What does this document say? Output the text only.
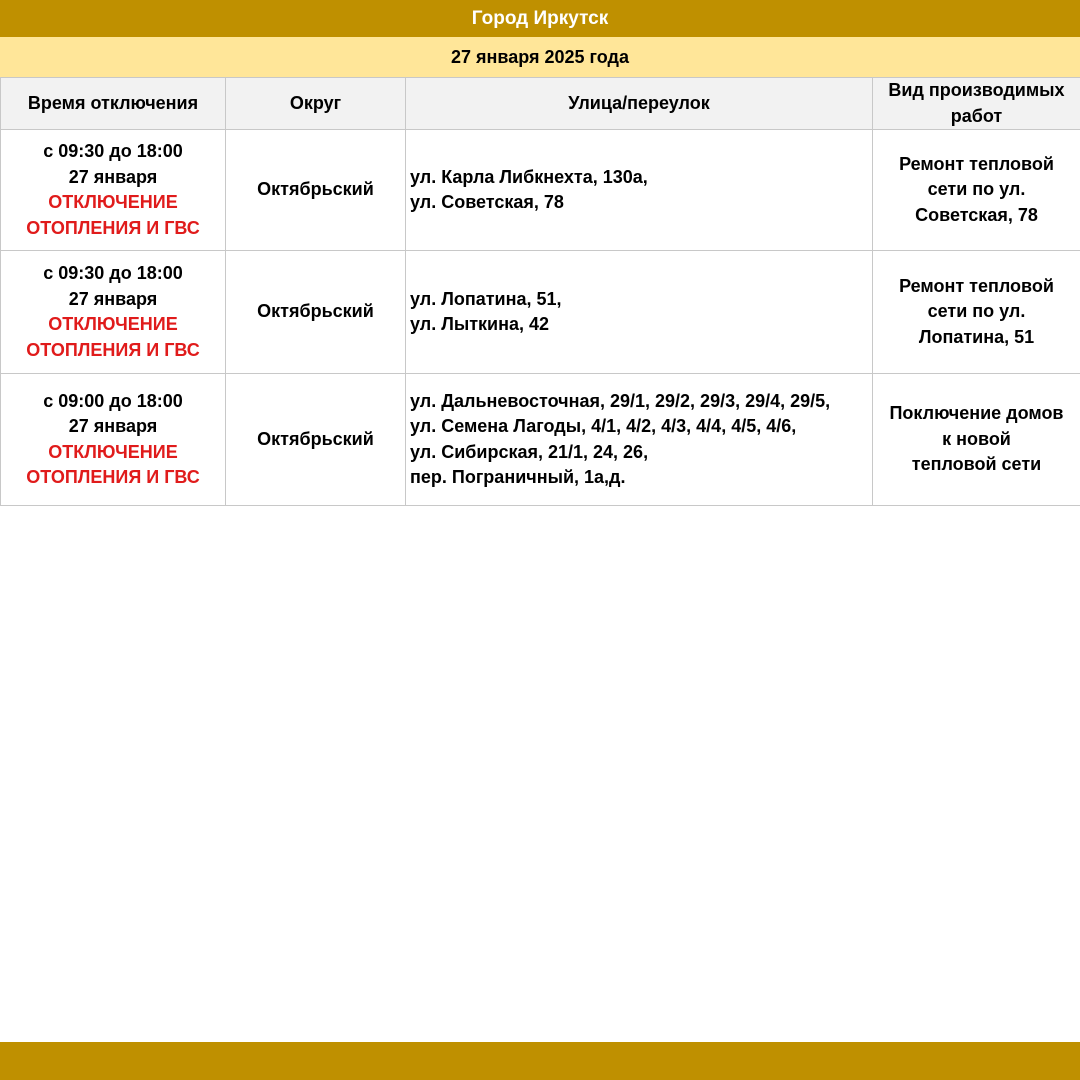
Город Иркутск
27 января 2025 года
Время отключения	Округ	Улица/переулок	Вид производимых
работ

с 09:30 до 18:00
27 января
ОТКЛЮЧЕНИЕ
ОТОПЛЕНИЯ И ГВС	Октябрьский	ул. Карла Либкнехта, 130а,
ул. Советская, 78	Ремонт тепловой
сети по ул.
Советская, 78

с 09:30 до 18:00
27 января
ОТКЛЮЧЕНИЕ
ОТОПЛЕНИЯ И ГВС	Октябрьский	ул. Лопатина, 51,
ул. Лыткина, 42	Ремонт тепловой
сети по ул.
Лопатина, 51

с 09:00 до 18:00
27 января
ОТКЛЮЧЕНИЕ
ОТОПЛЕНИЯ И ГВС	Октябрьский	ул. Дальневосточная, 29/1, 29/2, 29/3, 29/4, 29/5,
ул. Семена Лагоды, 4/1, 4/2, 4/3, 4/4, 4/5, 4/6,
ул. Сибирская, 21/1, 24, 26,
пер. Пограничный, 1а,д.	Поключение домов
к новой
тепловой сети
